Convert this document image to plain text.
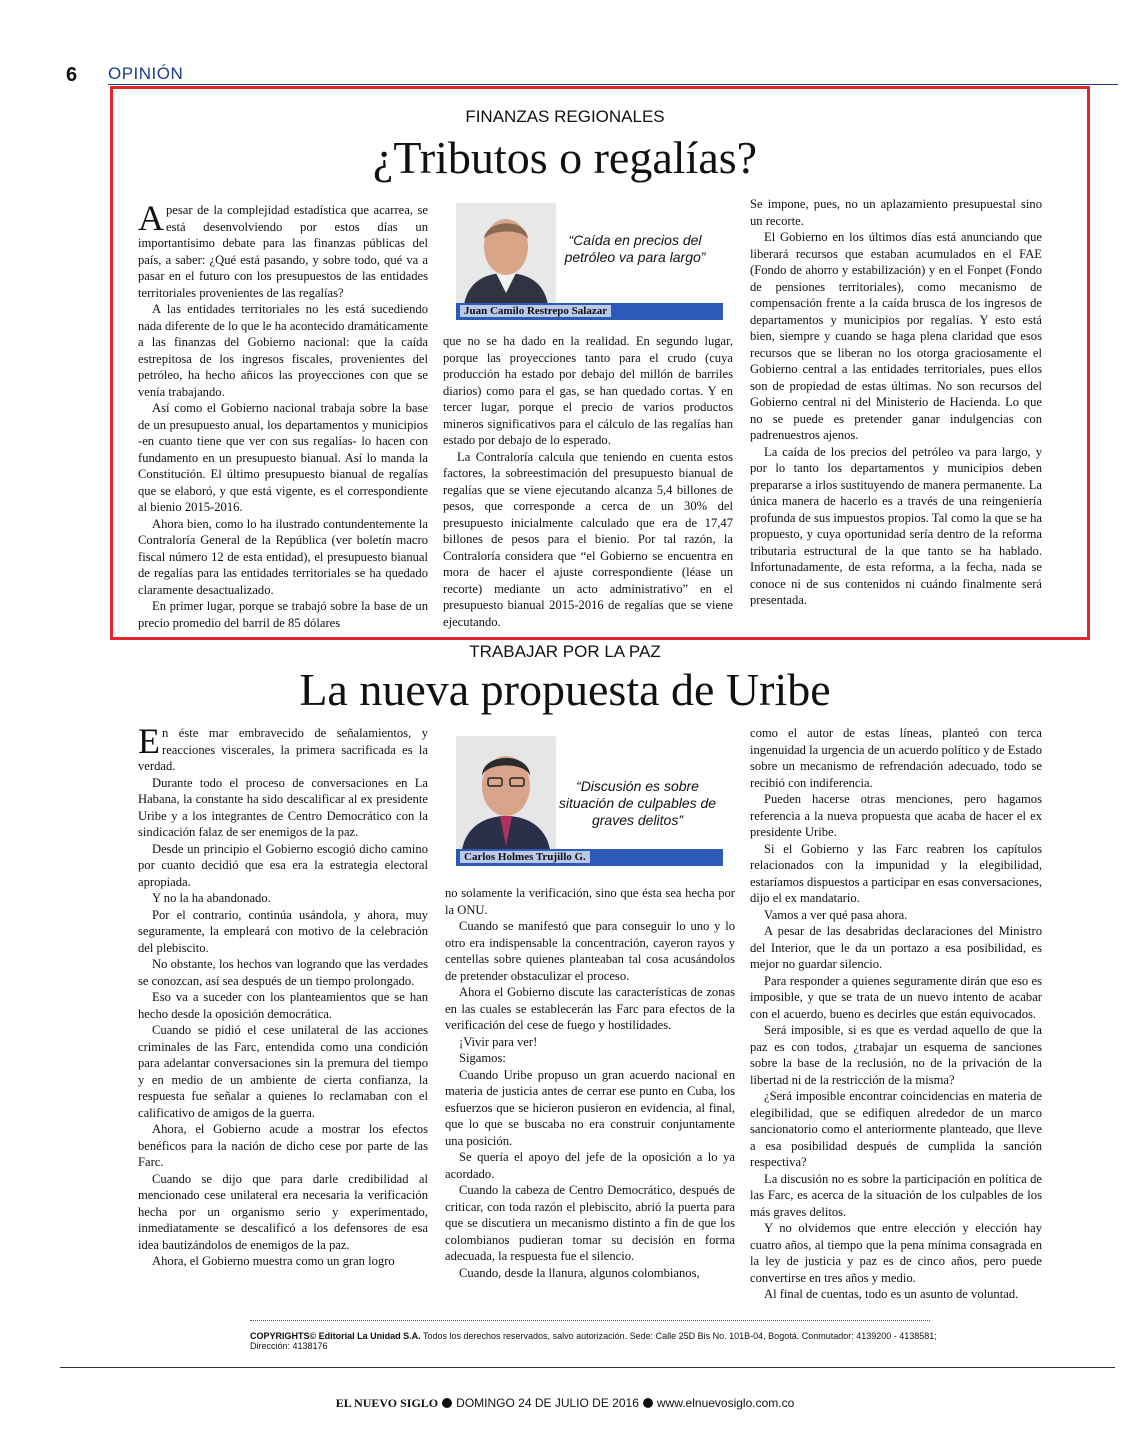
6 OPINIÓN
FINANZAS REGIONALES
¿Tributos o regalías?

A pesar de la complejidad estadística que acarrea, se está desenvolviendo por estos días un importantísimo debate para las finanzas públicas del país, a saber: ¿Qué está pasando, y sobre todo, qué va a pasar en el futuro con los presupuestos de las entidades territoriales provenientes de las regalías?

A las entidades territoriales no les está sucediendo nada diferente de lo que le ha acontecido dramáticamente a las finanzas del Gobierno nacional: que la caída estrepitosa de los ingresos fiscales, provenientes del petróleo, ha hecho añicos las proyecciones con que se venía trabajando.

Así como el Gobierno nacional trabaja sobre la base de un presupuesto anual, los departamentos y municipios -en cuanto tiene que ver con sus regalías- lo hacen con fundamento en un presupuesto bianual. Así lo manda la Constitución. El último presupuesto bianual de regalías que se elaboró, y que está vigente, es el correspondiente al bienio 2015-2016.

Ahora bien, como lo ha ilustrado contundentemente la Contraloría General de la República (ver boletín macro fiscal número 12 de esta entidad), el presupuesto bianual de regalías para las entidades territoriales se ha quedado claramente desactualizado.

En primer lugar, porque se trabajó sobre la base de un precio promedio del barril de 85 dólares

“Caída en precios del petróleo va para largo”
Juan Camilo Restrepo Salazar

que no se ha dado en la realidad. En segundo lugar, porque las proyecciones tanto para el crudo (cuya producción ha estado por debajo del millón de barriles diarios) como para el gas, se han quedado cortas. Y en tercer lugar, porque el precio de varios productos mineros significativos para el cálculo de las regalías han estado por debajo de lo esperado.

La Contraloría calcula que teniendo en cuenta estos factores, la sobreestimación del presupuesto bianual de regalías que se viene ejecutando alcanza 5,4 billones de pesos, que corresponde a cerca de un 30% del presupuesto inicialmente calculado que era de 17,47 billones de pesos para el bienio. Por tal razón, la Contraloría considera que “el Gobierno se encuentra en mora de hacer el ajuste correspondiente (léase un recorte) mediante un acto administrativo” en el presupuesto bianual 2015-2016 de regalías que se viene ejecutando.

Se impone, pues, no un aplazamiento presupuestal sino un recorte.

El Gobierno en los últimos días está anunciando que liberará recursos que estaban acumulados en el FAE (Fondo de ahorro y estabilización) y en el Fonpet (Fondo de pensiones territoriales), como mecanismo de compensación frente a la caída brusca de los ingresos de departamentos y municipios por regalías. Y esto está bien, siempre y cuando se haga plena claridad que esos recursos que se liberan no los otorga graciosamente el Gobierno central a las entidades territoriales, pues ellos son de propiedad de estas últimas. No son recursos del Gobierno central ni del Ministerio de Hacienda. Lo que no se puede es pretender ganar indulgencias con padrenuestros ajenos.

La caída de los precios del petróleo va para largo, y por lo tanto los departamentos y municipios deben prepararse a irlos sustituyendo de manera permanente. La única manera de hacerlo es a través de una reingeniería profunda de sus impuestos propios. Tal como la que se ha propuesto, y cuya oportunidad sería dentro de la reforma tributaria estructural de la que tanto se ha hablado. Infortunadamente, de esta reforma, a la fecha, nada se conoce ni de sus contenidos ni cuándo finalmente será presentada.

TRABAJAR POR LA PAZ
La nueva propuesta de Uribe

En éste mar embravecido de señalamientos, y reacciones viscerales, la primera sacrificada es la verdad.

Durante todo el proceso de conversaciones en La Habana, la constante ha sido descalificar al ex presidente Uribe y a los integrantes de Centro Democrático con la sindicación falaz de ser enemigos de la paz.

Desde un principio el Gobierno escogió dicho camino por cuanto decidió que esa era la estrategia electoral apropiada.

Y no la ha abandonado.

Por el contrario, continúa usándola, y ahora, muy seguramente, la empleará con motivo de la celebración del plebiscito.

No obstante, los hechos van logrando que las verdades se conozcan, así sea después de un tiempo prolongado.

Eso va a suceder con los planteamientos que se han hecho desde la oposición democrática.

Cuando se pidió el cese unilateral de las acciones criminales de las Farc, entendida como una condición para adelantar conversaciones sin la premura del tiempo y en medio de un ambiente de cierta confianza, la respuesta fue señalar a quienes lo reclamaban con el calificativo de amigos de la guerra.

Ahora, el Gobierno acude a mostrar los efectos benéficos para la nación de dicho cese por parte de las Farc.

Cuando se dijo que para darle credibilidad al mencionado cese unilateral era necesaria la verificación hecha por un organismo serio y experimentado, inmediatamente se descalificó a los defensores de esa idea bautizándolos de enemigos de la paz.

Ahora, el Gobierno muestra como un gran logro

“Discusión es sobre situación de culpables de graves delitos”
Carlos Holmes Trujillo G.

no solamente la verificación, sino que ésta sea hecha por la ONU.

Cuando se manifestó que para conseguir lo uno y lo otro era indispensable la concentración, cayeron rayos y centellas sobre quienes planteaban tal cosa acusándolos de pretender obstaculizar el proceso.

Ahora el Gobierno discute las características de zonas en las cuales se establecerán las Farc para efectos de la verificación del cese de fuego y hostilidades.

¡Vivir para ver!

Sigamos:

Cuando Uribe propuso un gran acuerdo nacional en materia de justicia antes de cerrar ese punto en Cuba, los esfuerzos que se hicieron pusieron en evidencia, al final, que lo que se buscaba no era construir conjuntamente una posición.

Se quería el apoyo del jefe de la oposición a lo ya acordado.

Cuando la cabeza de Centro Democrático, después de criticar, con toda razón el plebiscito, abrió la puerta para que se discutiera un mecanismo distinto a fin de que los colombianos pudieran tomar su decisión en forma adecuada, la respuesta fue el silencio.

Cuando, desde la llanura, algunos colombianos,

como el autor de estas líneas, planteó con terca ingenuidad la urgencia de un acuerdo político y de Estado sobre un mecanismo de refrendación adecuado, todo se recibió con indiferencia.

Pueden hacerse otras menciones, pero hagamos referencia a la nueva propuesta que acaba de hacer el ex presidente Uribe.

Si el Gobierno y las Farc reabren los capítulos relacionados con la impunidad y la elegibilidad, estaríamos dispuestos a participar en esas conversaciones, dijo el ex mandatario.

Vamos a ver qué pasa ahora.

A pesar de las desabridas declaraciones del Ministro del Interior, que le da un portazo a esa posibilidad, es mejor no guardar silencio.

Para responder a quienes seguramente dirán que eso es imposible, y que se trata de un nuevo intento de acabar con el acuerdo, bueno es decirles que están equivocados.

Será imposible, si es que es verdad aquello de que la paz es con todos, ¿trabajar un esquema de sanciones sobre la base de la reclusión, no de la privación de la libertad ni de la restricción de la misma?

¿Será imposible encontrar coincidencias en materia de elegibilidad, que se edifiquen alrededor de un marco sancionatorio como el anteriormente planteado, que lleve a esa posibilidad después de cumplida la sanción respectiva?

La discusión no es sobre la participación en política de las Farc, es acerca de la situación de los culpables de los más graves delitos.

Y no olvidemos que entre elección y elección hay cuatro años, al tiempo que la pena mínima consagrada en la ley de justicia y paz es de cinco años, pero puede convertirse en tres años y medio.

Al final de cuentas, todo es un asunto de voluntad.

COPYRIGHTS© Editorial La Unidad S.A. Todos los derechos reservados, salvo autorización. Sede: Calle 25D Bis No. 101B-04, Bogotá. Conmutador: 4139200 - 4138581; Dirección: 4138176
EL NUEVO SIGLO DOMINGO 24 DE JULIO DE 2016 www.elnuevosiglo.com.co
